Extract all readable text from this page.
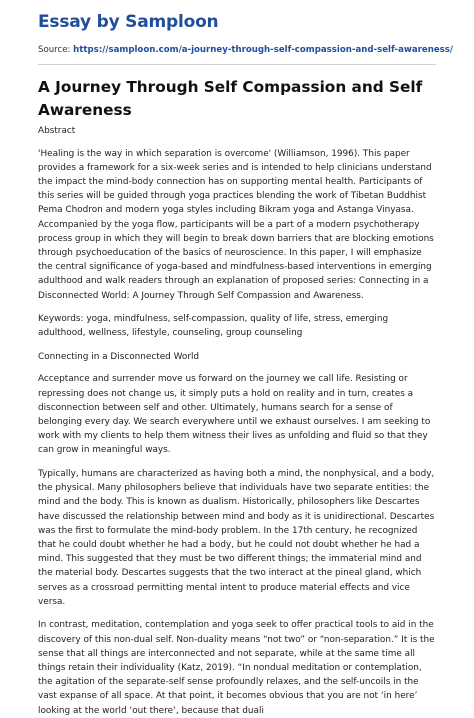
Essay by Samploon
Source: https://samploon.com/a-journey-through-self-compassion-and-self-awareness/
A Journey Through Self Compassion and Self Awareness

Abstract

'Healing is the way in which separation is overcome' (Williamson, 1996). This paper provides a framework for a six-week series and is intended to help clinicians understand the impact the mind-body connection has on supporting mental health. Participants of this series will be guided through yoga practices blending the work of Tibetan Buddhist Pema Chodron and modern yoga styles including Bikram yoga and Astanga Vinyasa. Accompanied by the yoga flow, participants will be a part of a modern psychotherapy process group in which they will begin to break down barriers that are blocking emotions through psychoeducation of the basics of neuroscience. In this paper, I will emphasize the central significance of yoga-based and mindfulness-based interventions in emerging adulthood and walk readers through an explanation of proposed series: Connecting in a Disconnected World: A Journey Through Self Compassion and Awareness.

Keywords: yoga, mindfulness, self-compassion, quality of life, stress, emerging adulthood, wellness, lifestyle, counseling, group counseling

Connecting in a Disconnected World

Acceptance and surrender move us forward on the journey we call life. Resisting or repressing does not change us, it simply puts a hold on reality and in turn, creates a disconnection between self and other. Ultimately, humans search for a sense of belonging every day. We search everywhere until we exhaust ourselves. I am seeking to work with my clients to help them witness their lives as unfolding and fluid so that they can grow in meaningful ways.

Typically, humans are characterized as having both a mind, the nonphysical, and a body, the physical. Many philosophers believe that individuals have two separate entities: the mind and the body. This is known as dualism. Historically, philosophers like Descartes have discussed the relationship between mind and body as it is unidirectional. Descartes was the first to formulate the mind-body problem. In the 17th century, he recognized that he could doubt whether he had a body, but he could not doubt whether he had a mind. This suggested that they must be two different things; the immaterial mind and the material body. Descartes suggests that the two interact at the pineal gland, which serves as a crossroad permitting mental intent to produce material effects and vice versa.

In contrast, meditation, contemplation and yoga seek to offer practical tools to aid in the discovery of this non-dual self. Non-duality means “not two” or “non-separation.” It is the sense that all things are interconnected and not separate, while at the same time all things retain their individuality (Katz, 2019). “In nondual meditation or contemplation, the agitation of the separate-self sense profoundly relaxes, and the self-uncoils in the vast expanse of all space. At that point, it becomes obvious that you are not ‘in here’ looking at the world ‘out there’, because that duali
